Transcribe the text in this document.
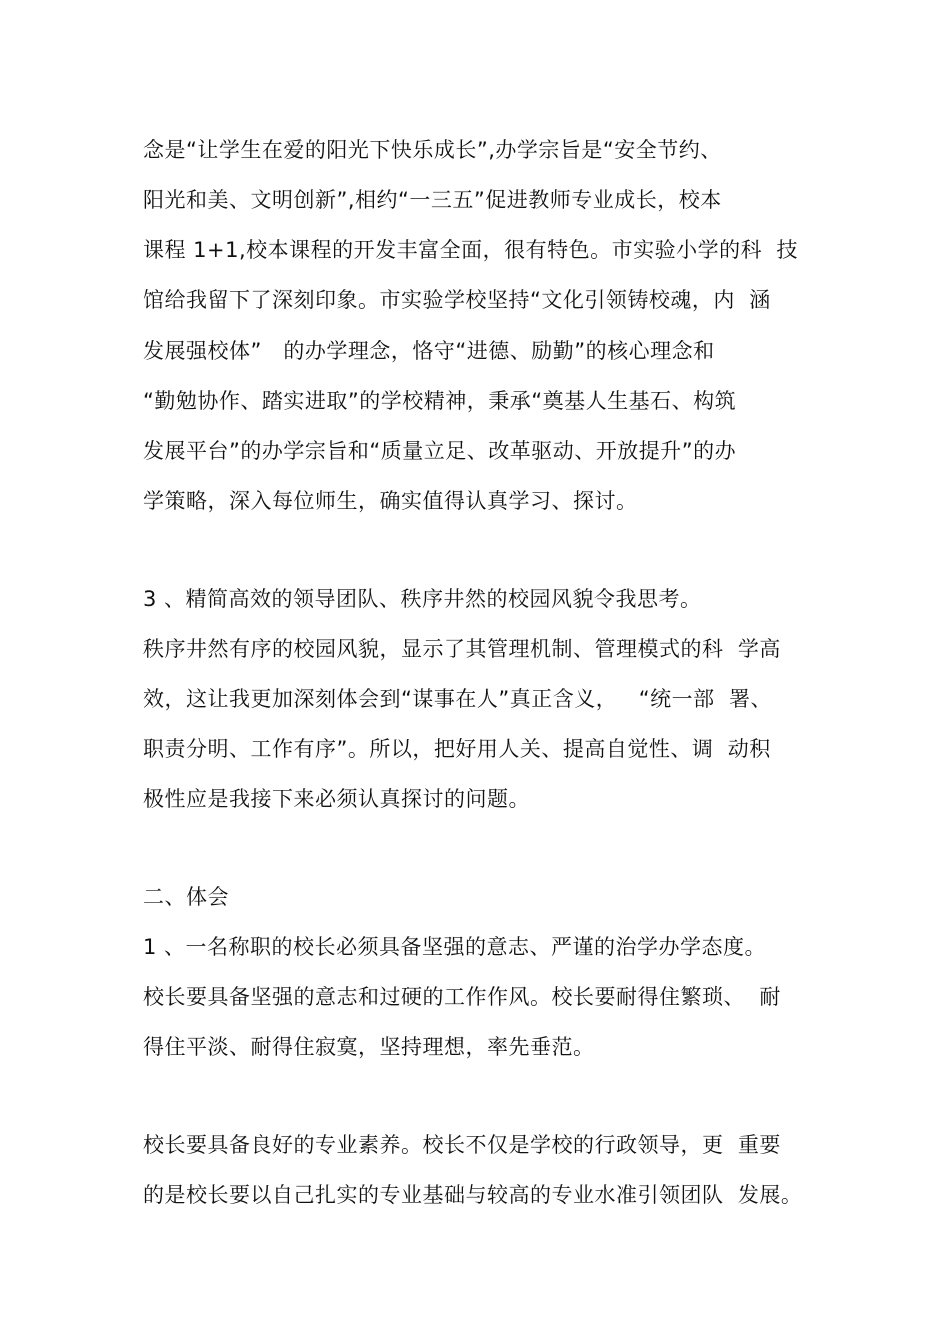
念是“让学生在爱的阳光下快乐成长”,办学宗旨是“安全节约、
阳光和美、文明创新”,相约“一三五”促进教师专业成长，校本
课程 1+1,校本课程的开发丰富全面，很有特色。市实验小学的科  技
馆给我留下了深刻印象。市实验学校坚持“文化引领铸校魂，内  涵
发展强校体”   的办学理念，恪守“进德、励勤”的核心理念和
“勤勉协作、踏实进取”的学校精神，秉承“奠基人生基石、构筑
发展平台”的办学宗旨和“质量立足、改革驱动、开放提升”的办
学策略，深入每位师生，确实值得认真学习、探讨。
3 、精简高效的领导团队、秩序井然的校园风貌令我思考。
秩序井然有序的校园风貌，显示了其管理机制、管理模式的科  学高
效，这让我更加深刻体会到“谋事在人”真正含义，   “统一部  署、
职责分明、工作有序”。所以，把好用人关、提高自觉性、调  动积
极性应是我接下来必须认真探讨的问题。
二、体会
1 、一名称职的校长必须具备坚强的意志、严谨的治学办学态度。
校长要具备坚强的意志和过硬的工作作风。校长要耐得住繁琐、  耐
得住平淡、耐得住寂寞，坚持理想，率先垂范。
校长要具备良好的专业素养。校长不仅是学校的行政领导，更  重要
的是校长要以自己扎实的专业基础与较高的专业水准引领团队  发展。
